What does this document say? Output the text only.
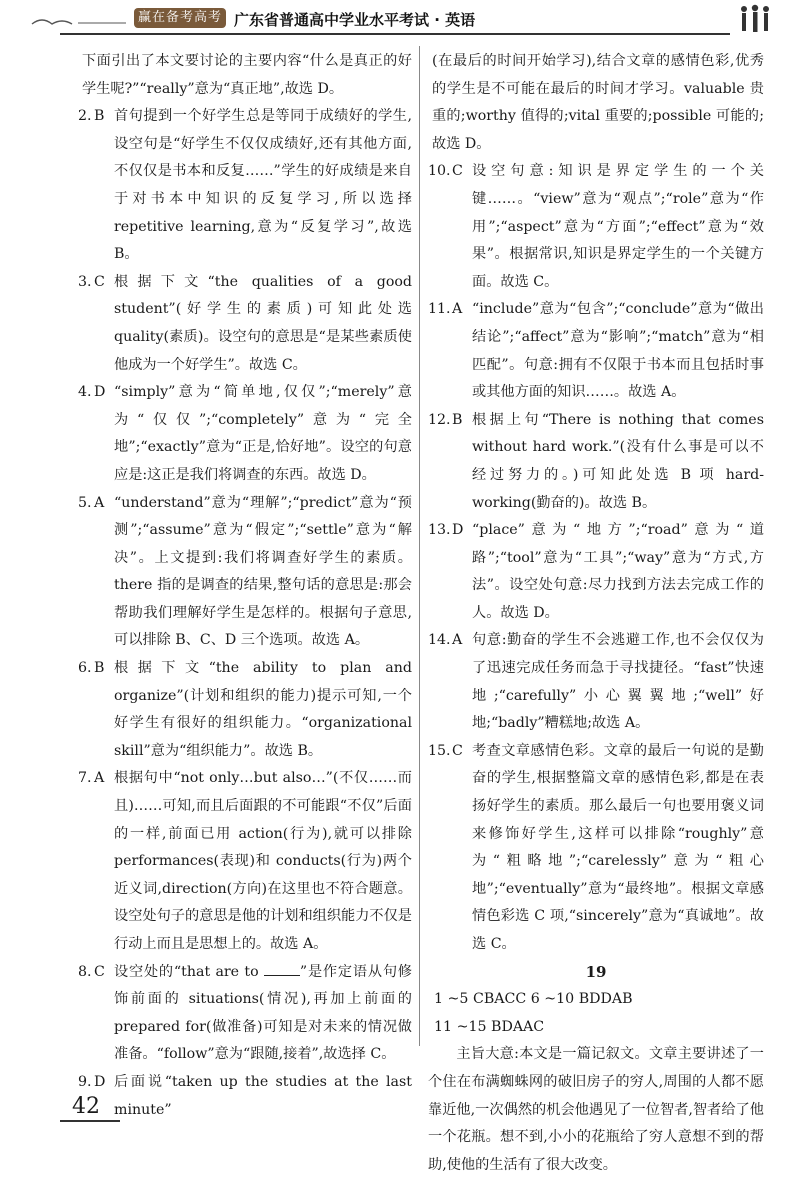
赢在备考高考 广东省普通高中学业水平考试 · 英语
下面引出了本文要讨论的主要内容“什么是真正的好学生呢?”“really”意为“真正地”,故选 D。
2. B 首句提到一个好学生总是等同于成绩好的学生,设空句是“好学生不仅仅成绩好,还有其他方面,不仅仅是书本和反复……”学生的好成绩是来自于对书本中知识的反复学习,所以选择 repetitive learning,意为“反复学习”,故选 B。
3. C 根据下文“the qualities of a good student”(好学生的素质)可知此处选 quality(素质)。设空句的意思是“是某些素质使他成为一个好学生”。故选 C。
4. D “simply”意为“简单地,仅仅”;“merely”意为“仅仅”;“completely”意为“完全地”;“exactly”意为“正是,恰好地”。设空的句意应是:这正是我们将调查的东西。故选 D。
5. A “understand”意为“理解”;“predict”意为“预测”;“assume”意为“假定”;“settle”意为“解决”。上文提到:我们将调查好学生的素质。there 指的是调查的结果,整句话的意思是:那会帮助我们理解好学生是怎样的。根据句子意思,可以排除 B、C、D 三个选项。故选 A。
6. B 根据下文“the ability to plan and organize”(计划和组织的能力)提示可知,一个好学生有很好的组织能力。“organizational skill”意为“组织能力”。故选 B。
7. A 根据句中“not only…but also…”(不仅……而且)……可知,而且后面跟的不可能跟“不仅”后面的一样,前面已用 action(行为),就可以排除 performances(表现)和 conducts(行为)两个近义词,direction(方向)在这里也不符合题意。设空处句子的意思是他的计划和组织能力不仅是行动上而且是思想上的。故选 A。
8. C 设空处的“that are to	”是作定语从句修饰前面的 situations(情况),再加上前面的 prepared for(做准备)可知是对未来的情况做准备。“follow”意为“跟随,接着”,故选择 C。
9. D 后面说“taken up the studies at the last minute”
(在最后的时间开始学习),结合文章的感情色彩,优秀的学生是不可能在最后的时间才学习。valuable 贵重的;worthy 值得的;vital 重要的;possible 可能的;故选 D。
10. C 设空句意:知识是界定学生的一个关键……。“view”意为“观点”;“role”意为“作用”;“aspect”意为“方面”;“effect”意为“效果”。根据常识,知识是界定学生的一个关键方面。故选 C。
11. A “include”意为“包含”;“conclude”意为“做出结论”;“affect”意为“影响”;“match”意为“相匹配”。句意:拥有不仅限于书本而且包括时事或其他方面的知识……。故选 A。
12. B 根据上句“There is nothing that comes without hard work.”(没有什么事是可以不经过努力的。)可知此处选 B 项 hard-working(勤奋的)。故选 B。
13. D “place”意为“地方”;“road”意为“道路”;“tool”意为“工具”;“way”意为“方式,方法”。设空处句意:尽力找到方法去完成工作的人。故选 D。
14. A 句意:勤奋的学生不会逃避工作,也不会仅仅为了迅速完成任务而急于寻找捷径。“fast”快速地;“carefully”小心翼翼地;“well”好地;“badly”糟糕地;故选 A。
15. C 考查文章感情色彩。文章的最后一句说的是勤奋的学生,根据整篇文章的感情色彩,都是在表扬好学生的素质。那么最后一句也要用褒义词来修饰好学生,这样可以排除“roughly”意为“粗略地”;“carelessly”意为“粗心地”;“eventually”意为“最终地”。根据文章感情色彩选 C 项,“sincerely”意为“真诚地”。故选 C。
19
1 ~5 CBACC 6 ~10 BDDAB
11 ~15 BDAAC
主旨大意:本文是一篇记叙文。文章主要讲述了一个住在布满蜘蛛网的破旧房子的穷人,周围的人都不愿靠近他,一次偶然的机会他遇见了一位智者,智者给了他一个花瓶。想不到,小小的花瓶给了穷人意想不到的帮助,使他的生活有了很大改变。
42
